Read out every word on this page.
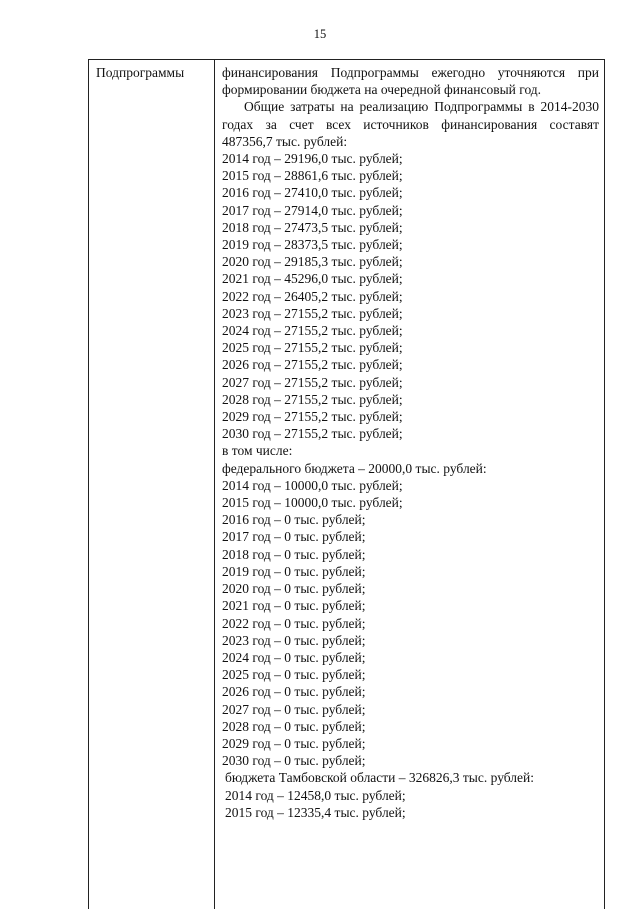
15
Подпрограммы	финансирования Подпрограммы ежегодно уточняются при формировании бюджета на очередной финансовый год.
Общие затраты на реализацию Подпрограммы в 2014-2030 годах за счет всех источников финансирования составят 487356,7 тыс. рублей:
2014 год – 29196,0 тыс. рублей;
2015 год – 28861,6 тыс. рублей;
2016 год – 27410,0 тыс. рублей;
2017 год – 27914,0 тыс. рублей;
2018 год – 27473,5 тыс. рублей;
2019 год – 28373,5 тыс. рублей;
2020 год – 29185,3 тыс. рублей;
2021 год – 45296,0 тыс. рублей;
2022 год – 26405,2 тыс. рублей;
2023 год – 27155,2 тыс. рублей;
2024 год – 27155,2 тыс. рублей;
2025 год – 27155,2 тыс. рублей;
2026 год – 27155,2 тыс. рублей;
2027 год – 27155,2 тыс. рублей;
2028 год – 27155,2 тыс. рублей;
2029 год – 27155,2 тыс. рублей;
2030 год – 27155,2 тыс. рублей;
в том числе:
федерального бюджета – 20000,0 тыс. рублей:
2014 год – 10000,0 тыс. рублей;
2015 год – 10000,0 тыс. рублей;
2016 год – 0 тыс. рублей;
2017 год – 0 тыс. рублей;
2018 год – 0 тыс. рублей;
2019 год – 0 тыс. рублей;
2020 год – 0 тыс. рублей;
2021 год – 0 тыс. рублей;
2022 год – 0 тыс. рублей;
2023 год – 0 тыс. рублей;
2024 год – 0 тыс. рублей;
2025 год – 0 тыс. рублей;
2026 год – 0 тыс. рублей;
2027 год – 0 тыс. рублей;
2028 год – 0 тыс. рублей;
2029 год – 0 тыс. рублей;
2030 год – 0 тыс. рублей;
бюджета Тамбовской области – 326826,3 тыс. рублей:
2014 год – 12458,0 тыс. рублей;
2015 год – 12335,4 тыс. рублей;
